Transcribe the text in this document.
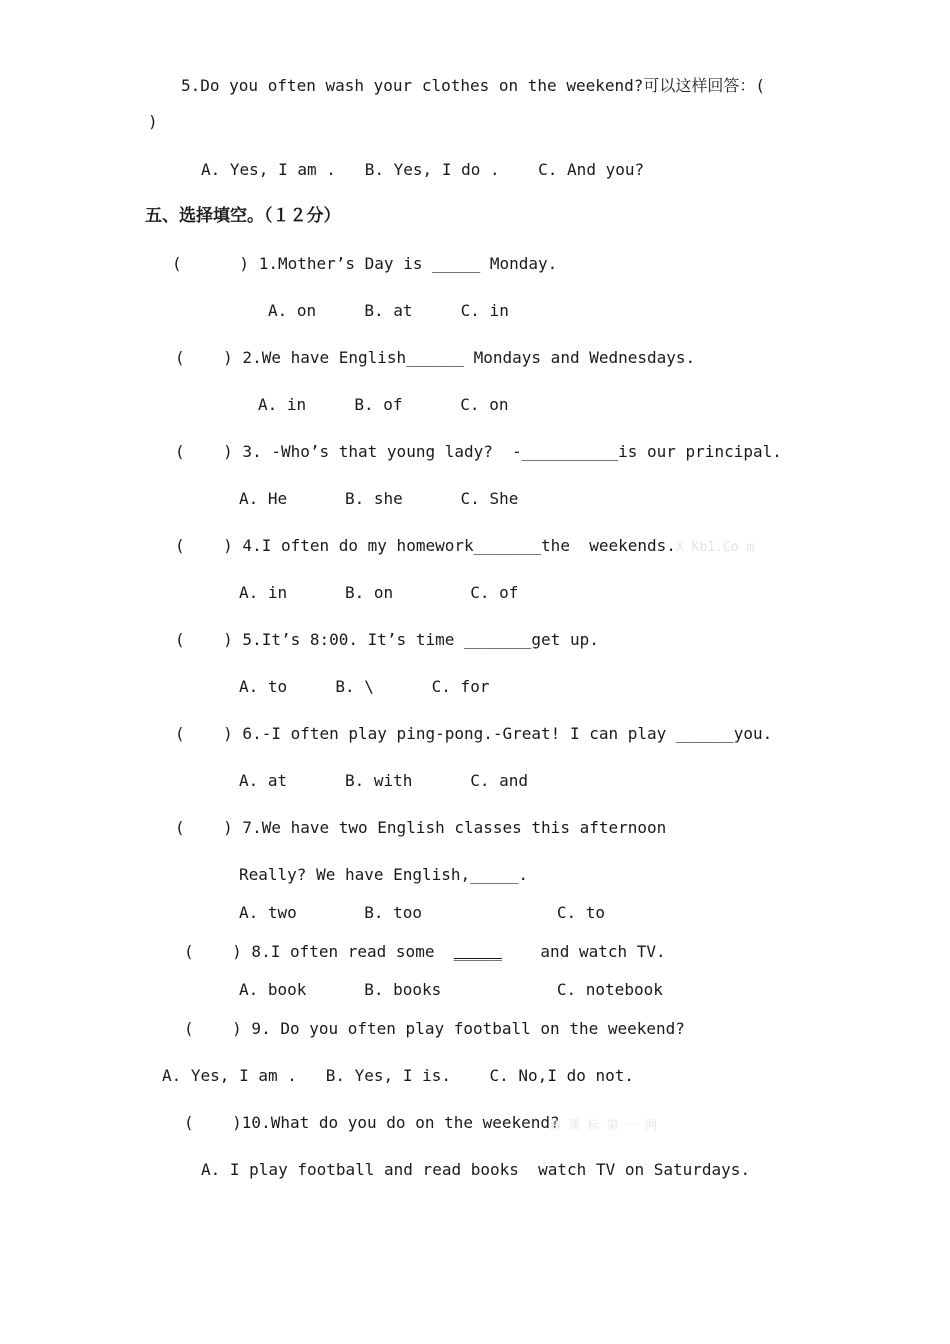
5.Do you often wash your clothes on the weekend?可以这样回答：(
)
A. Yes, I am .   B. Yes, I do .    C. And you?
五、选择填空。（１２分）
(      ) 1.Mother’s Day is _____ Monday.
A. on     B. at     C. in
(    ) 2.We have English______ Mondays and Wednesdays.
A. in     B. of      C. on
(    ) 3. -Who’s that young lady?  -__________is our principal.
A. He      B. she      C. She
(    ) 4.I often do my homework_______the  weekends. X Kb1.Co m
A. in      B. on        C. of
(    ) 5.It’s 8:00. It’s time _______get up.
A. to     B. \      C. for
(    ) 6.-I often play ping-pong.-Great! I can play ______you.
A. at      B. with      C. and
(    ) 7.We have two English classes this afternoon
Really? We have English,_____.
A. two       B. too              C. to
(    ) 8.I often read some _____ and watch TV.
A. book      B. books            C. notebook
(    ) 9. Do you often play football on the weekend?
A. Yes, I am .   B. Yes, I is.    C. No,I do not.
(    )10.What do you do on the weekend?
新 课 标 第 一 网
A. I play football and read books  watch TV on Saturdays.
